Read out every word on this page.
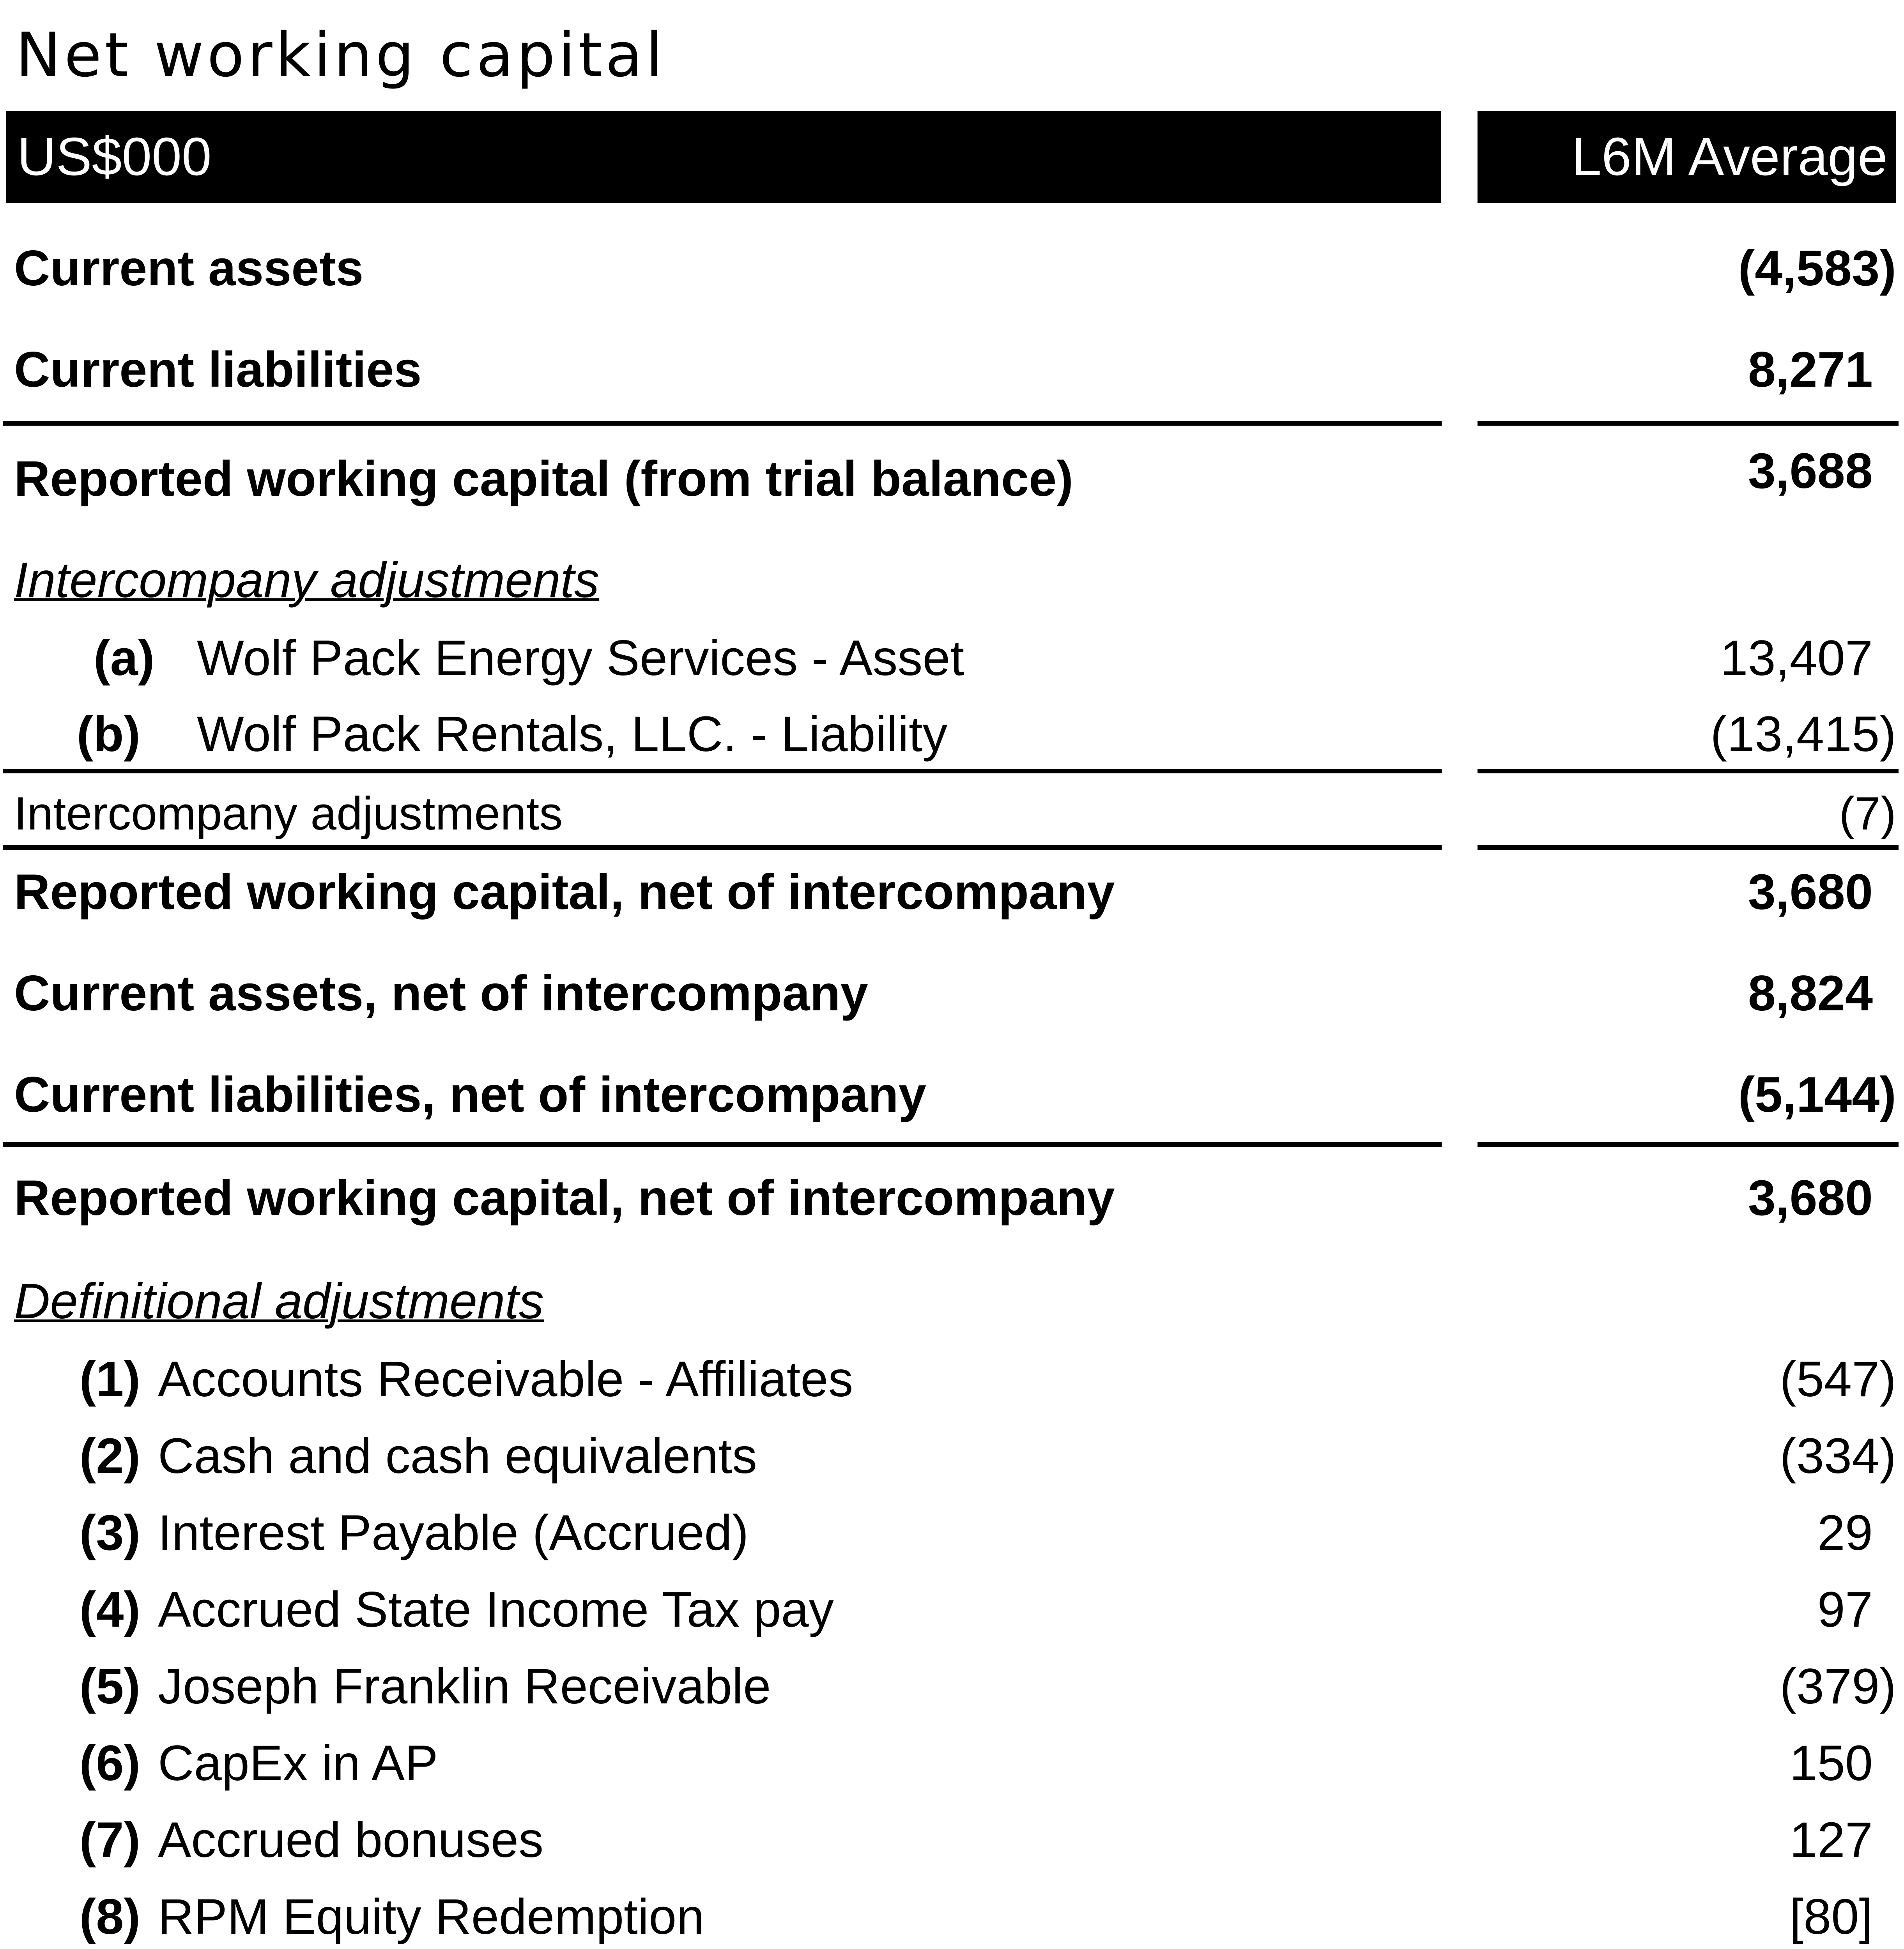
Net working capital
US$000	L6M Average
Current assets	(4,583)
Current liabilities	8,271
Reported working capital (from trial balance)	3,688
Intercompany adjustments
(a) Wolf Pack Energy Services - Asset	13,407
(b) Wolf Pack Rentals, LLC. - Liability	(13,415)
Intercompany adjustments	(7)
Reported working capital, net of intercompany	3,680
Current assets, net of intercompany	8,824
Current liabilities, net of intercompany	(5,144)
Reported working capital, net of intercompany	3,680
Definitional adjustments
(1) Accounts Receivable - Affiliates	(547)
(2) Cash and cash equivalents	(334)
(3) Interest Payable (Accrued)	29
(4) Accrued State Income Tax pay	97
(5) Joseph Franklin Receivable	(379)
(6) CapEx in AP	150
(7) Accrued bonuses	127
(8) RPM Equity Redemption	[80]
